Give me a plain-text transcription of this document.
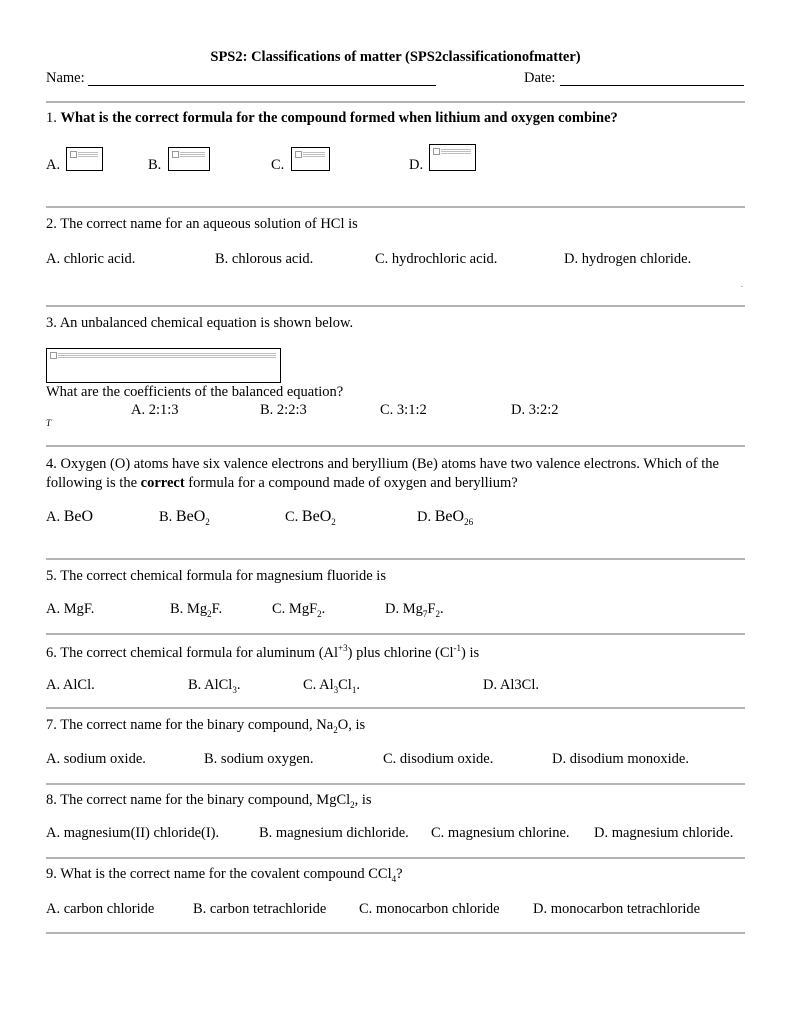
SPS2: Classifications of matter (SPS2classificationofmatter)
Name:	Date:
1. What is the correct formula for the compound formed when lithium and oxygen combine?
A.	B.	C.	D.
2. The correct name for an aqueous solution of HCl is
A. chloric acid.	B. chlorous acid.	C. hydrochloric acid.	D. hydrogen chloride.
.
3. An unbalanced chemical equation is shown below.
What are the coefficients of the balanced equation?
A. 2:1:3	B. 2:2:3	C. 3:1:2	D. 3:2:2
T
4. Oxygen (O) atoms have six valence electrons and beryllium (Be) atoms have two valence electrons. Which of the following is the correct formula for a compound made of oxygen and beryllium?
A. BeO	B. BeO$_2$	C. BeO$_2$	D. BeO$_{26}$
5. The correct chemical formula for magnesium fluoride is
A. MgF.	B. $Mg_2F$.	C. MgF$_2$.	D. $Mg_7F_2$.
6. The correct chemical formula for aluminum $(Al^{+3})$ plus chlorine $(Cl^{-1})$ is
A. AlCl.	B. AlCl$_3$.	C. $Al_3Cl_1$.	D. Al3Cl.
7. The correct name for the binary compound, $Na_2O$, is
A. sodium oxide.	B. sodium oxygen.	C. disodium oxide.	D. disodium monoxide.
8. The correct name for the binary compound, MgCl$_2$, is
A. magnesium(II) chloride(I).	B. magnesium dichloride. C. magnesium chlorine. D. magnesium chloride.
9. What is the correct name for the covalent compound CCl$_4$?
A. carbon chloride	B. carbon tetrachloride C. monocarbon chloride D. monocarbon tetrachloride
